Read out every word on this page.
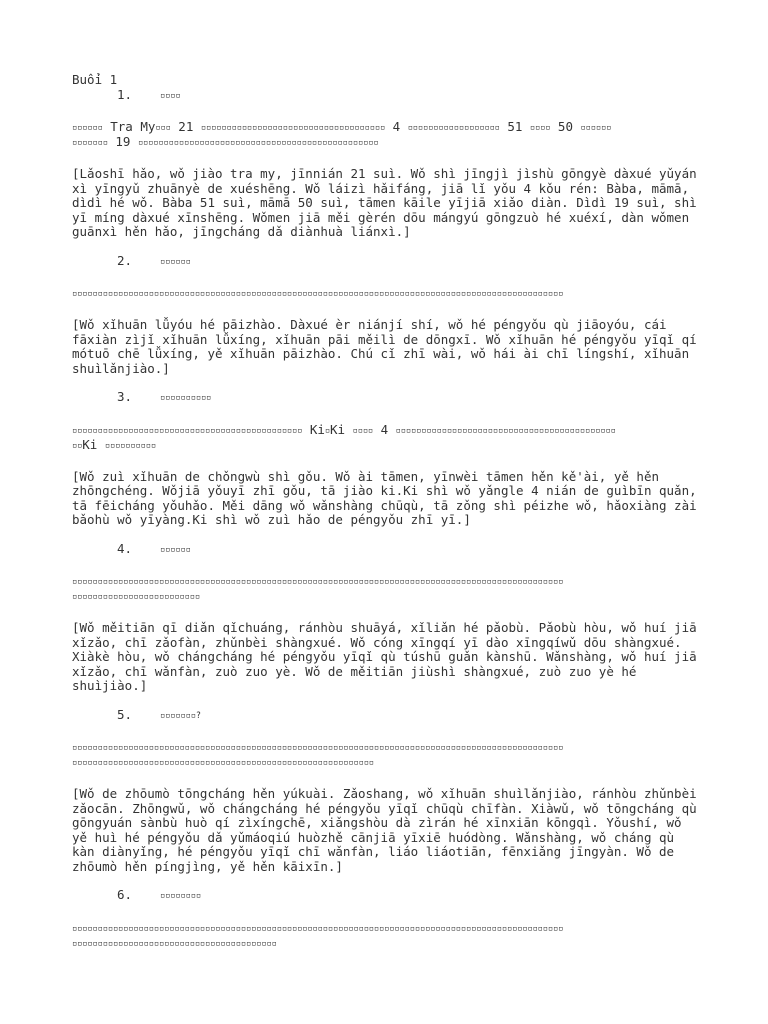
Buổi 1
1.	▫▫▫▫
▫▫▫▫▫▫ Tra My▫▫▫ 21 ▫▫▫▫▫▫▫▫▫▫▫▫▫▫▫▫▫▫▫▫▫▫▫▫▫▫▫▫▫▫▫▫▫▫▫▫ 4 ▫▫▫▫▫▫▫▫▫▫▫▫▫▫▫▫▫▫ 51 ▫▫▫▫ 50 ▫▫▫▫▫▫
▫▫▫▫▫▫▫ 19 ▫▫▫▫▫▫▫▫▫▫▫▫▫▫▫▫▫▫▫▫▫▫▫▫▫▫▫▫▫▫▫▫▫▫▫▫▫▫▫▫▫▫▫▫▫▫▫
[Lǎoshī hǎo, wǒ jiào tra my, jīnnián 21 suì. Wǒ shì jīngjì jìshù gōngyè dàxué yǔyán
xì yīngyǔ zhuānyè de xuéshēng. Wǒ láizì hǎifáng, jiā lǐ yǒu 4 kǒu rén: Bàba, māmā,
dìdì hé wǒ. Bàba 51 suì, māmā 50 suì, tāmen kāile yījiā xiǎo diàn. Dìdì 19 suì, shì
yī míng dàxué xīnshēng. Wǒmen jiā měi gèrén dōu mángyú gōngzuò hé xuéxí, dàn wǒmen
guānxì hěn hǎo, jīngcháng dǎ diànhuà liánxì.]
2.	▫▫▫▫▫▫
▫▫▫▫▫▫▫▫▫▫▫▫▫▫▫▫▫▫▫▫▫▫▫▫▫▫▫▫▫▫▫▫▫▫▫▫▫▫▫▫▫▫▫▫▫▫▫▫▫▫▫▫▫▫▫▫▫▫▫▫▫▫▫▫▫▫▫▫▫▫▫▫▫▫▫▫▫▫▫▫▫▫▫▫▫▫▫▫▫▫▫▫▫▫▫▫
[Wǒ xǐhuān lǚyóu hé pāizhào. Dàxué èr niánjí shí, wǒ hé péngyǒu qù jiāoyóu, cái
fāxiàn zìjǐ xǐhuān lǚxíng, xǐhuān pāi měilì de dōngxī. Wǒ xǐhuān hé péngyǒu yīqǐ qí
mótuō chē lǚxíng, yě xǐhuān pāizhào. Chú cǐ zhī wài, wǒ hái ài chī língshí, xǐhuān
shuìlǎnjiào.]
3.	▫▫▫▫▫▫▫▫▫▫
▫▫▫▫▫▫▫▫▫▫▫▫▫▫▫▫▫▫▫▫▫▫▫▫▫▫▫▫▫▫▫▫▫▫▫▫▫▫▫▫▫▫▫▫▫ Ki▫Ki ▫▫▫▫ 4 ▫▫▫▫▫▫▫▫▫▫▫▫▫▫▫▫▫▫▫▫▫▫▫▫▫▫▫▫▫▫▫▫▫▫▫▫▫▫▫▫▫▫▫
▫▫Ki ▫▫▫▫▫▫▫▫▫▫
[Wǒ zuì xǐhuān de chǒngwù shì gǒu. Wǒ ài tāmen, yīnwèi tāmen hěn kě'ài, yě hěn
zhōngchéng. Wǒjiā yǒuyī zhī gǒu, tā jiào ki.Ki shì wǒ yǎngle 4 nián de guìbīn quǎn,
tā fēicháng yǒuhǎo. Měi dāng wǒ wǎnshàng chūqù, tā zǒng shì péizhe wǒ, hǎoxiàng zài
bǎohù wǒ yīyàng.Ki shì wǒ zuì hǎo de péngyǒu zhī yī.]
4.	▫▫▫▫▫▫
▫▫▫▫▫▫▫▫▫▫▫▫▫▫▫▫▫▫▫▫▫▫▫▫▫▫▫▫▫▫▫▫▫▫▫▫▫▫▫▫▫▫▫▫▫▫▫▫▫▫▫▫▫▫▫▫▫▫▫▫▫▫▫▫▫▫▫▫▫▫▫▫▫▫▫▫▫▫▫▫▫▫▫▫▫▫▫▫▫▫▫▫▫▫▫▫
▫▫▫▫▫▫▫▫▫▫▫▫▫▫▫▫▫▫▫▫▫▫▫▫▫
[Wǒ měitiān qī diǎn qǐchuáng, ránhòu shuāyá, xǐliǎn hé pǎobù. Pǎobù hòu, wǒ huí jiā
xǐzǎo, chī zǎofàn, zhǔnbèi shàngxué. Wǒ cóng xīngqí yī dào xīngqíwǔ dōu shàngxué.
Xiàkè hòu, wǒ chángcháng hé péngyǒu yīqǐ qù túshū guǎn kànshū. Wǎnshàng, wǒ huí jiā
xǐzǎo, chī wǎnfàn, zuò zuo yè. Wǒ de měitiān jiùshì shàngxué, zuò zuo yè hé
shuìjiào.]
5.	▫▫▫▫▫▫▫?
▫▫▫▫▫▫▫▫▫▫▫▫▫▫▫▫▫▫▫▫▫▫▫▫▫▫▫▫▫▫▫▫▫▫▫▫▫▫▫▫▫▫▫▫▫▫▫▫▫▫▫▫▫▫▫▫▫▫▫▫▫▫▫▫▫▫▫▫▫▫▫▫▫▫▫▫▫▫▫▫▫▫▫▫▫▫▫▫▫▫▫▫▫▫▫▫
▫▫▫▫▫▫▫▫▫▫▫▫▫▫▫▫▫▫▫▫▫▫▫▫▫▫▫▫▫▫▫▫▫▫▫▫▫▫▫▫▫▫▫▫▫▫▫▫▫▫▫▫▫▫▫▫▫▫▫
[Wǒ de zhōumò tōngcháng hěn yúkuài. Zǎoshang, wǒ xǐhuān shuìlǎnjiào, ránhòu zhǔnbèi
zǎocān. Zhōngwǔ, wǒ chángcháng hé péngyǒu yīqǐ chūqù chīfàn. Xiàwǔ, wǒ tōngcháng qù
gōngyuán sànbù huò qí zìxíngchē, xiǎngshòu dà zìrán hé xīnxiān kōngqì. Yǒushí, wǒ
yě huì hé péngyǒu dǎ yǔmáoqiú huòzhě cānjiā yīxiē huódòng. Wǎnshàng, wǒ cháng qù
kàn diànyǐng, hé péngyǒu yīqǐ chī wǎnfàn, liáo liáotiān, fēnxiǎng jīngyàn. Wǒ de
zhōumò hěn píngjìng, yě hěn kāixīn.]
6.	▫▫▫▫▫▫▫▫
▫▫▫▫▫▫▫▫▫▫▫▫▫▫▫▫▫▫▫▫▫▫▫▫▫▫▫▫▫▫▫▫▫▫▫▫▫▫▫▫▫▫▫▫▫▫▫▫▫▫▫▫▫▫▫▫▫▫▫▫▫▫▫▫▫▫▫▫▫▫▫▫▫▫▫▫▫▫▫▫▫▫▫▫▫▫▫▫▫▫▫▫▫▫▫▫
▫▫▫▫▫▫▫▫▫▫▫▫▫▫▫▫▫▫▫▫▫▫▫▫▫▫▫▫▫▫▫▫▫▫▫▫▫▫▫▫
